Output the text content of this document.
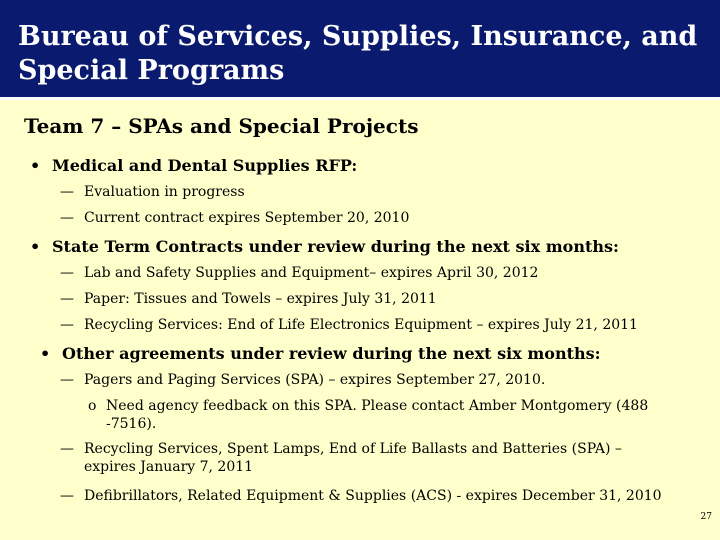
Bureau of Services, Supplies, Insurance, and Special Programs
Team 7 – SPAs and Special Projects
• Medical and Dental Supplies RFP:
— Evaluation in progress
— Current contract expires September 20, 2010
• State Term Contracts under review during the next six months:
— Lab and Safety Supplies and Equipment– expires April 30, 2012
— Paper: Tissues and Towels – expires July 31, 2011
— Recycling Services: End of Life Electronics Equipment – expires July 21, 2011
• Other agreements under review during the next six months:
— Pagers and Paging Services (SPA) – expires September 27, 2010.
o Need agency feedback on this SPA. Please contact Amber Montgomery (488 -7516).
— Recycling Services, Spent Lamps, End of Life Ballasts and Batteries (SPA) – expires January 7, 2011
— Defibrillators, Related Equipment & Supplies (ACS) - expires December 31, 2010
27
